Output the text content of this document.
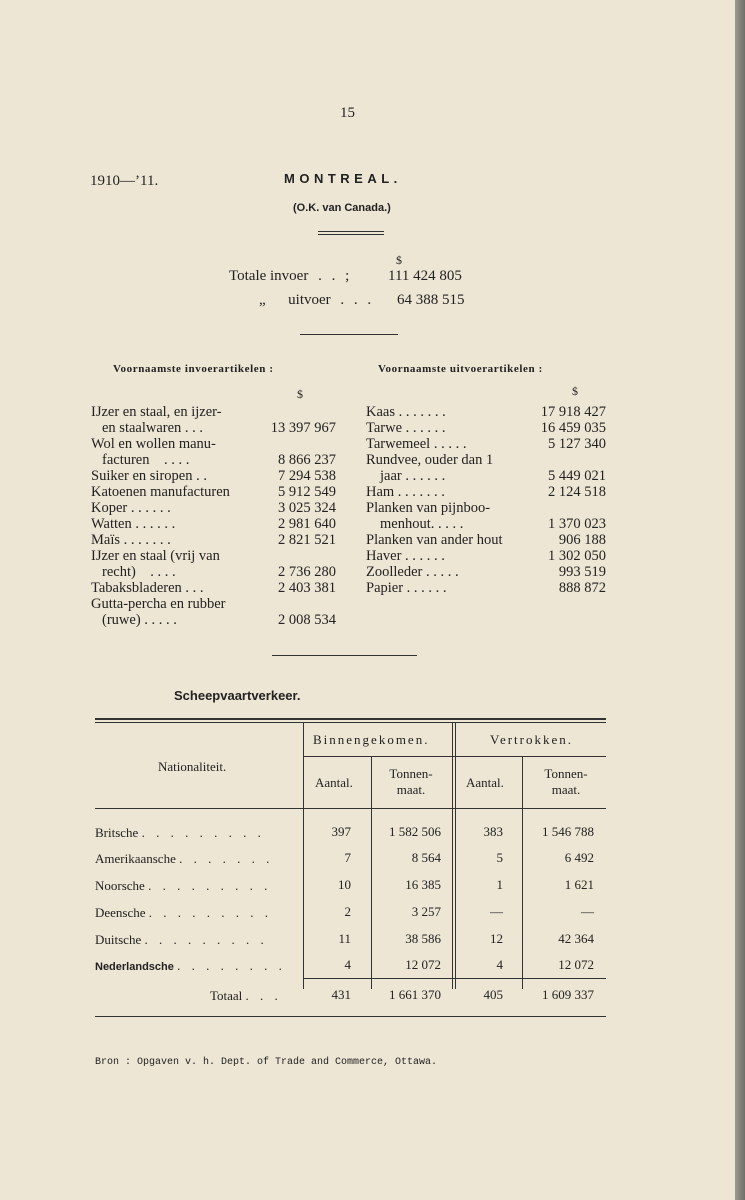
15
1910—’11.	MONTREAL.
(O.K. van Canada.)
$
Totale invoer . . ; 111 424 805
„      uitvoer . . . 64 388 515
Voornaamste invoerartikelen :	Voornaamste uitvoerartikelen :
$	$
IJzer en staal, en ijzer-
en staalwaren . . .	13 397 967
Wol en wollen manu-
facturen    . . . .	8 866 237
Suiker en siropen . .	7 294 538
Katoenen manufacturen	5 912 549
Koper . . . . . .	3 025 324
Watten . . . . . .	2 981 640
Maïs . . . . . . .	2 821 521
IJzer en staal (vrij van
recht)    . . . .	2 736 280
Tabaksbladeren . . .	2 403 381
Gutta-percha en rubber
(ruwe) . . . . .	2 008 534
Kaas . . . . . . .	17 918 427
Tarwe . . . . . .	16 459 035
Tarwemeel . . . . .	5 127 340
Rundvee, ouder dan 1
jaar . . . . . .	5 449 021
Ham . . . . . . .	2 124 518
Planken van pijnboo-
menhout. . . . .	1 370 023
Planken van ander hout	906 188
Haver . . . . . .	1 302 050
Zoolleder . . . . .	993 519
Papier . . . . . .	888 872
Scheepvaartverkeer.
Nationaliteit.
Binnengekomen.	Vertrokken.
Aantal.
Tonnen-
maat.	Aantal.
Tonnen-
maat.
Britsche . . . . . . . . .	397	1 582 506	383	1 546 788
Amerikaansche . . . . . . .	7	8 564	5	6 492
Noorsche . . . . . . . . .	10	16 385	1	1 621
Deensche . . . . . . . . .	2	3 257	—	—
Duitsche . . . . . . . . .	11	38 586	12	42 364
Nederlandsche . . . . . . . .	4	12 072	4	12 072
Totaal . . .	431	1 661 370	405	1 609 337
Bron : Opgaven v. h. Dept. of Trade and Commerce, Ottawa.
